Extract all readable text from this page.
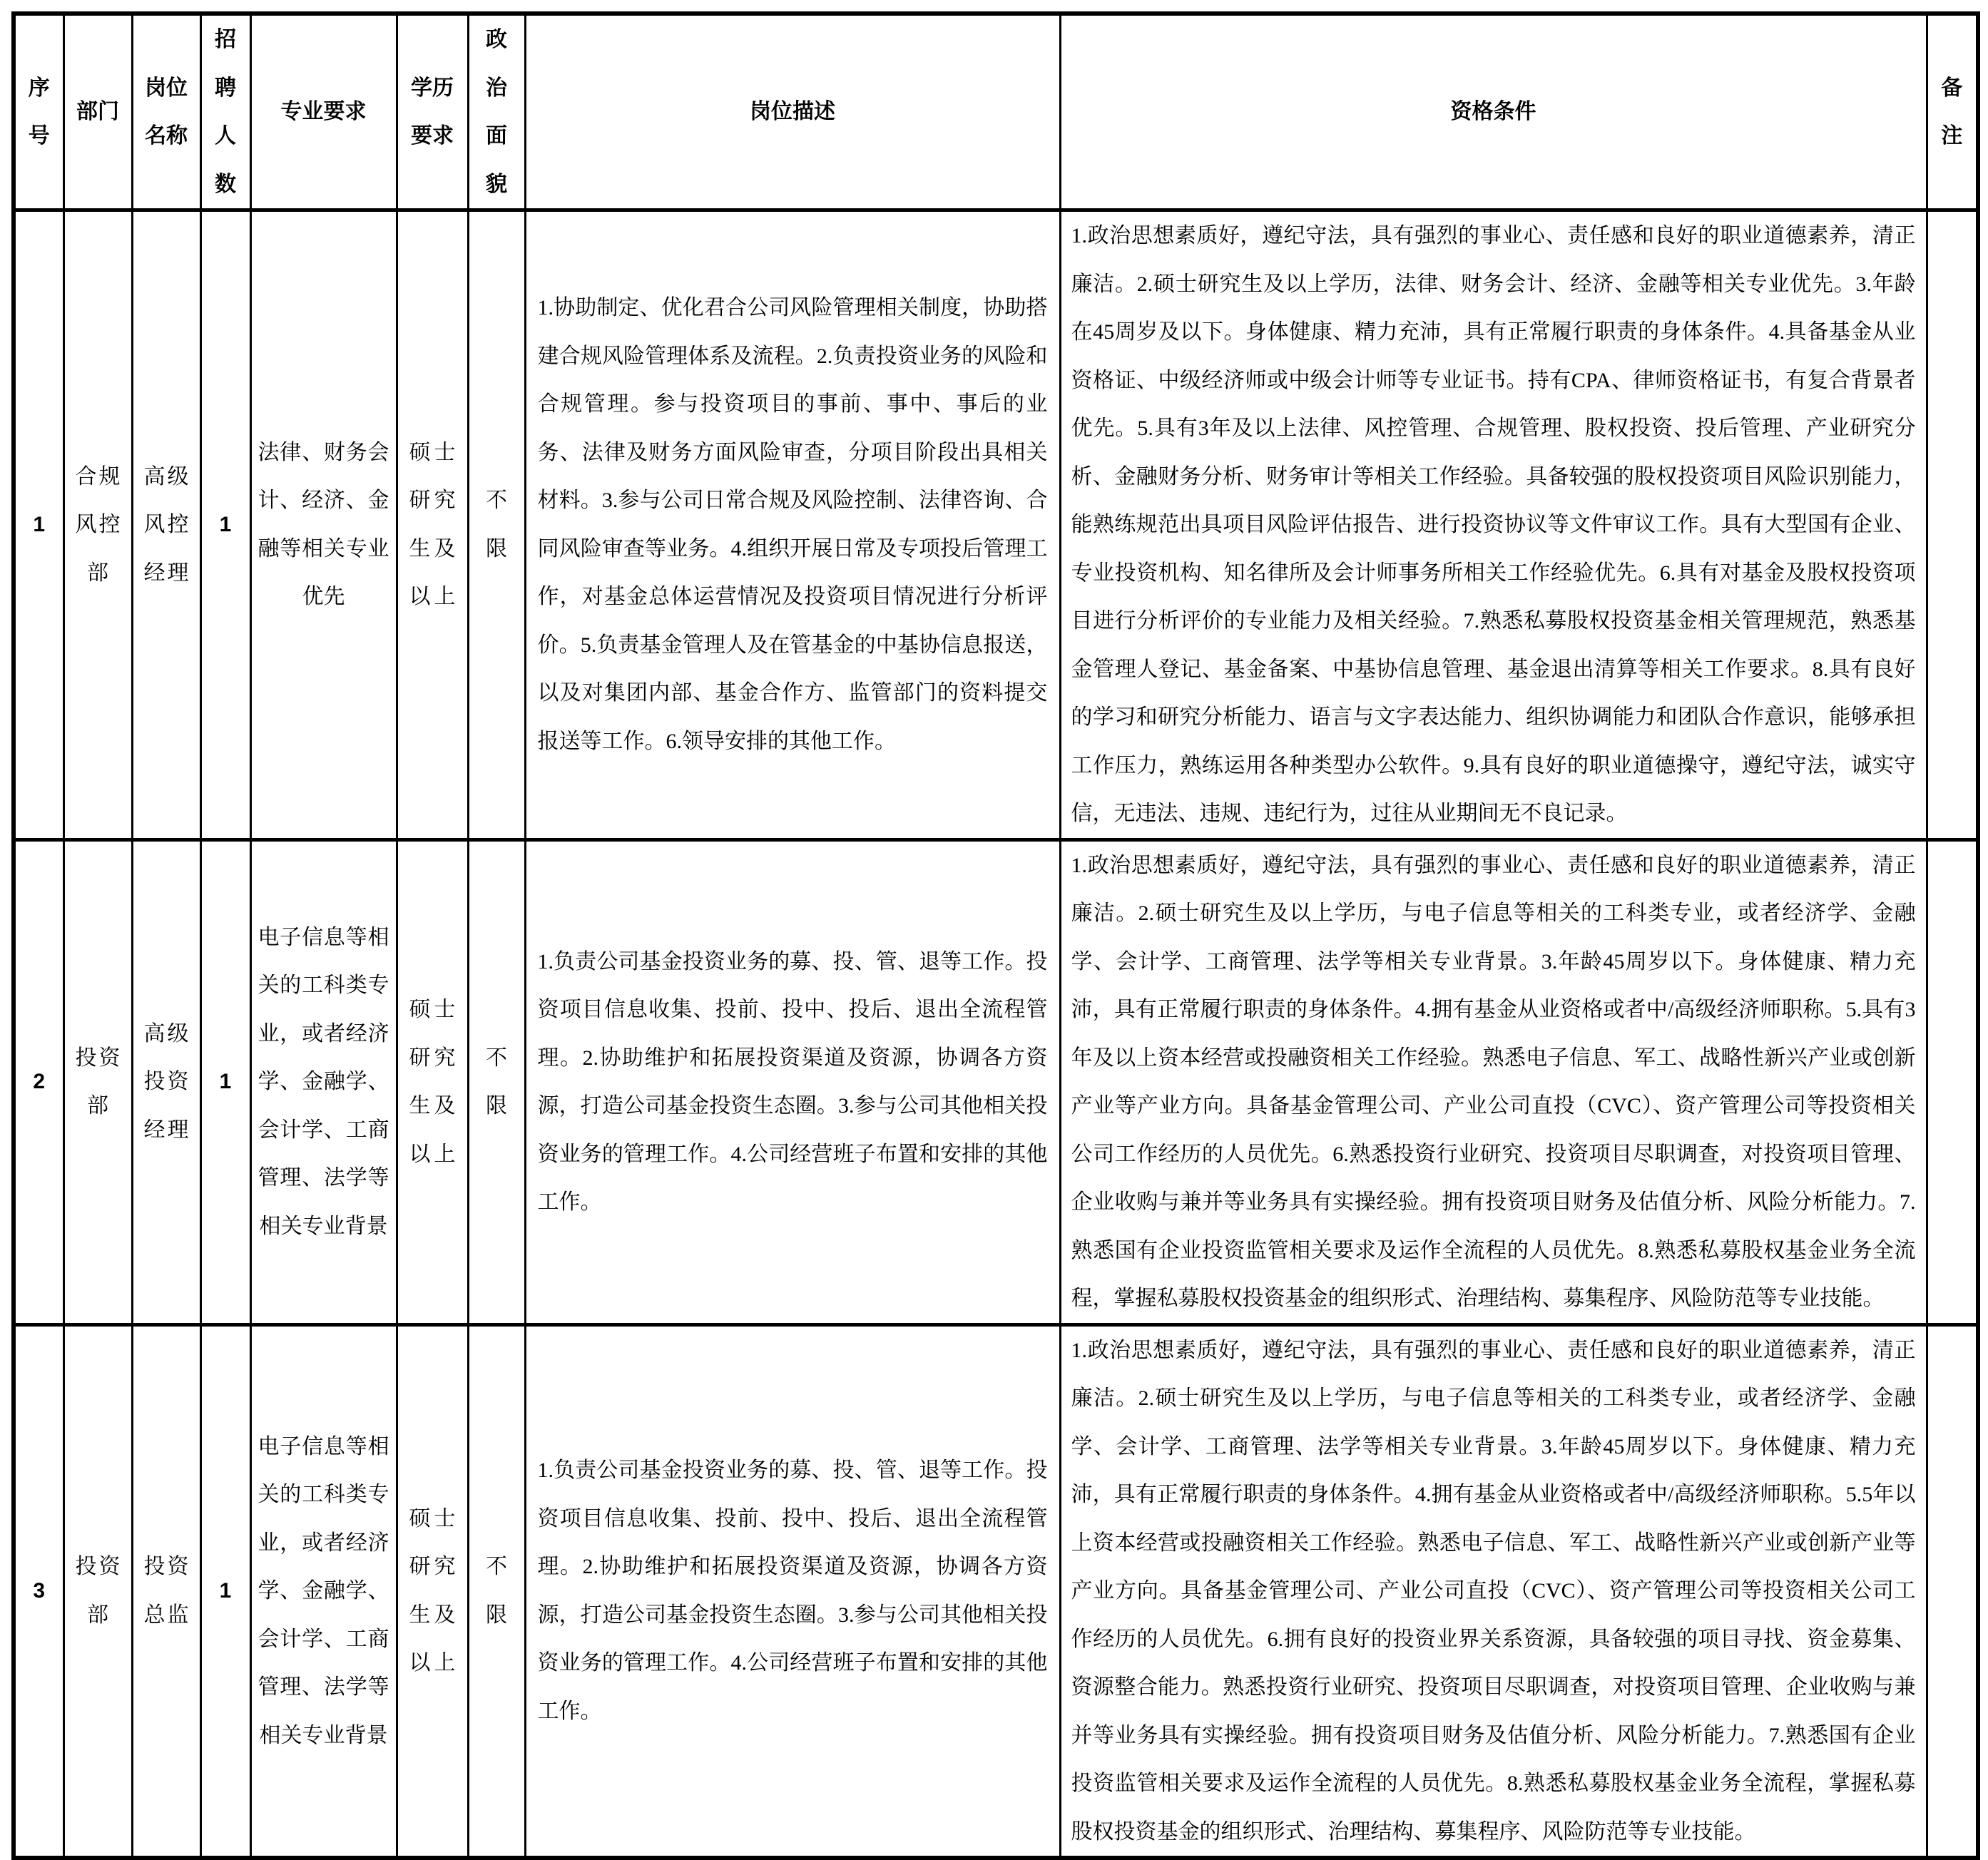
序号	部门	岗位名称	招聘人数	专业要求	学历要求	政治面貌	岗位描述	资格条件	备注
1	合规风控部	高级风控经理	1	法律、财务会计、经济、金融等相关专业优先	硕士研究生及以上	不限	1.协助制定、优化君合公司风险管理相关制度，协助搭建合规风险管理体系及流程。2.负责投资业务的风险和合规管理。参与投资项目的事前、事中、事后的业务、法律及财务方面风险审查，分项目阶段出具相关材料。3.参与公司日常合规及风险控制、法律咨询、合同风险审查等业务。4.组织开展日常及专项投后管理工作，对基金总体运营情况及投资项目情况进行分析评价。5.负责基金管理人及在管基金的中基协信息报送，以及对集团内部、基金合作方、监管部门的资料提交报送等工作。6.领导安排的其他工作。	1.政治思想素质好，遵纪守法，具有强烈的事业心、责任感和良好的职业道德素养，清正廉洁。2.硕士研究生及以上学历，法律、财务会计、经济、金融等相关专业优先。3.年龄在45周岁及以下。身体健康、精力充沛，具有正常履行职责的身体条件。4.具备基金从业资格证、中级经济师或中级会计师等专业证书。持有CPA、律师资格证书，有复合背景者优先。5.具有3年及以上法律、风控管理、合规管理、股权投资、投后管理、产业研究分析、金融财务分析、财务审计等相关工作经验。具备较强的股权投资项目风险识别能力，能熟练规范出具项目风险评估报告、进行投资协议等文件审议工作。具有大型国有企业、专业投资机构、知名律所及会计师事务所相关工作经验优先。6.具有对基金及股权投资项目进行分析评价的专业能力及相关经验。7.熟悉私募股权投资基金相关管理规范，熟悉基金管理人登记、基金备案、中基协信息管理、基金退出清算等相关工作要求。8.具有良好的学习和研究分析能力、语言与文字表达能力、组织协调能力和团队合作意识，能够承担工作压力，熟练运用各种类型办公软件。9.具有良好的职业道德操守，遵纪守法，诚实守信，无违法、违规、违纪行为，过往从业期间无不良记录。	
2	投资部	高级投资经理	1	电子信息等相关的工科类专业，或者经济学、金融学、会计学、工商管理、法学等相关专业背景	硕士研究生及以上	不限	1.负责公司基金投资业务的募、投、管、退等工作。投资项目信息收集、投前、投中、投后、退出全流程管理。2.协助维护和拓展投资渠道及资源，协调各方资源，打造公司基金投资生态圈。3.参与公司其他相关投资业务的管理工作。4.公司经营班子布置和安排的其他工作。	1.政治思想素质好，遵纪守法，具有强烈的事业心、责任感和良好的职业道德素养，清正廉洁。2.硕士研究生及以上学历，与电子信息等相关的工科类专业，或者经济学、金融学、会计学、工商管理、法学等相关专业背景。3.年龄45周岁以下。身体健康、精力充沛，具有正常履行职责的身体条件。4.拥有基金从业资格或者中/高级经济师职称。5.具有3年及以上资本经营或投融资相关工作经验。熟悉电子信息、军工、战略性新兴产业或创新产业等产业方向。具备基金管理公司、产业公司直投（CVC）、资产管理公司等投资相关公司工作经历的人员优先。6.熟悉投资行业研究、投资项目尽职调查，对投资项目管理、企业收购与兼并等业务具有实操经验。拥有投资项目财务及估值分析、风险分析能力。7.熟悉国有企业投资监管相关要求及运作全流程的人员优先。8.熟悉私募股权基金业务全流程，掌握私募股权投资基金的组织形式、治理结构、募集程序、风险防范等专业技能。	
3	投资部	投资总监	1	电子信息等相关的工科类专业，或者经济学、金融学、会计学、工商管理、法学等相关专业背景	硕士研究生及以上	不限	1.负责公司基金投资业务的募、投、管、退等工作。投资项目信息收集、投前、投中、投后、退出全流程管理。2.协助维护和拓展投资渠道及资源，协调各方资源，打造公司基金投资生态圈。3.参与公司其他相关投资业务的管理工作。4.公司经营班子布置和安排的其他工作。	1.政治思想素质好，遵纪守法，具有强烈的事业心、责任感和良好的职业道德素养，清正廉洁。2.硕士研究生及以上学历，与电子信息等相关的工科类专业，或者经济学、金融学、会计学、工商管理、法学等相关专业背景。3.年龄45周岁以下。身体健康、精力充沛，具有正常履行职责的身体条件。4.拥有基金从业资格或者中/高级经济师职称。5.5年以上资本经营或投融资相关工作经验。熟悉电子信息、军工、战略性新兴产业或创新产业等产业方向。具备基金管理公司、产业公司直投（CVC）、资产管理公司等投资相关公司工作经历的人员优先。6.拥有良好的投资业界关系资源，具备较强的项目寻找、资金募集、资源整合能力。熟悉投资行业研究、投资项目尽职调查，对投资项目管理、企业收购与兼并等业务具有实操经验。拥有投资项目财务及估值分析、风险分析能力。7.熟悉国有企业投资监管相关要求及运作全流程的人员优先。8.熟悉私募股权基金业务全流程，掌握私募股权投资基金的组织形式、治理结构、募集程序、风险防范等专业技能。	
